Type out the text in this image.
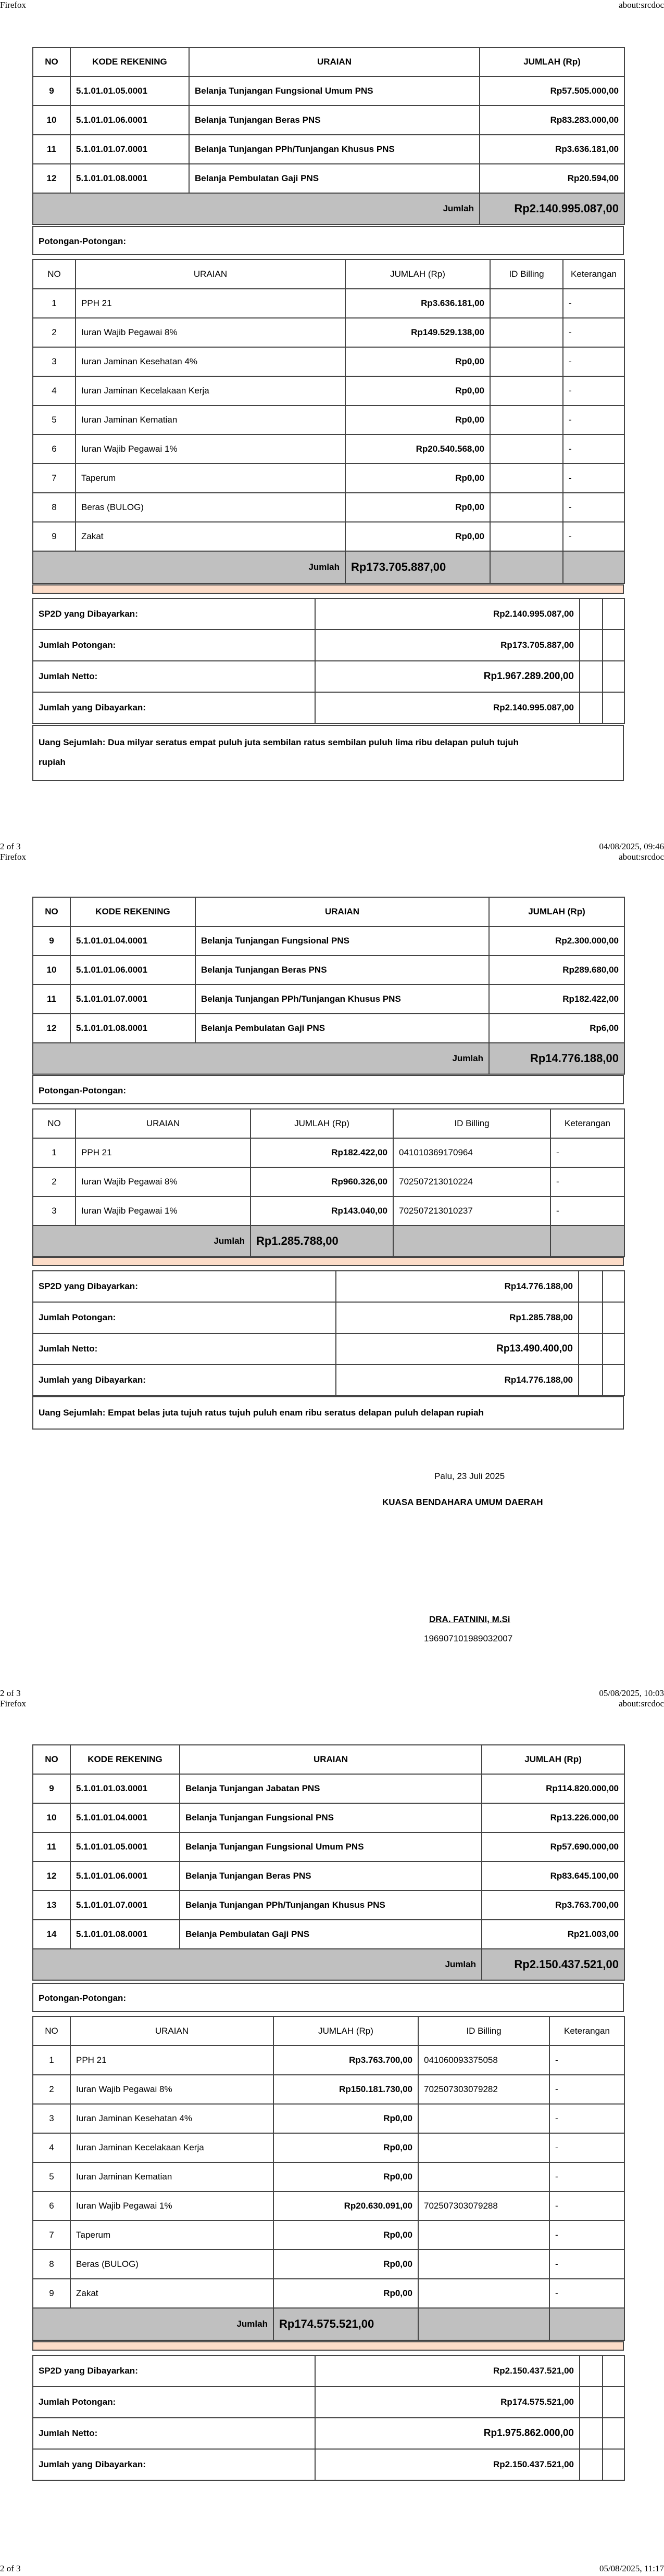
Firefox	about:srcdoc
NO	KODE REKENING	URAIAN	JUMLAH (Rp)
9	5.1.01.01.05.0001	Belanja Tunjangan Fungsional Umum PNS	Rp57.505.000,00
10	5.1.01.01.06.0001	Belanja Tunjangan Beras PNS	Rp83.283.000,00
11	5.1.01.01.07.0001	Belanja Tunjangan PPh/Tunjangan Khusus PNS	Rp3.636.181,00
12	5.1.01.01.08.0001	Belanja Pembulatan Gaji PNS	Rp20.594,00
Jumlah			Rp2.140.995.087,00
Potongan-Potongan:
NO	URAIAN	JUMLAH (Rp)	ID Billing	Keterangan
1	PPH 21	Rp3.636.181,00		-
2	Iuran Wajib Pegawai 8%	Rp149.529.138,00		-
3	Iuran Jaminan Kesehatan 4%	Rp0,00		-
4	Iuran Jaminan Kecelakaan Kerja	Rp0,00		-
5	Iuran Jaminan Kematian	Rp0,00		-
6	Iuran Wajib Pegawai 1%	Rp20.540.568,00		-
7	Taperum	Rp0,00		-
8	Beras (BULOG)	Rp0,00		-
9	Zakat	Rp0,00		-
Jumlah		Rp173.705.887,00		
SP2D yang Dibayarkan:	Rp2.140.995.087,00		
Jumlah Potongan:	Rp173.705.887,00		
Jumlah Netto:	Rp1.967.289.200,00		
Jumlah yang Dibayarkan:	Rp2.140.995.087,00		
Uang Sejumlah: Dua milyar seratus empat puluh juta sembilan ratus sembilan puluh lima ribu delapan puluh tujuh
rupiah
2 of 3	04/08/2025, 09:46
Firefox	about:srcdoc
NO	KODE REKENING	URAIAN	JUMLAH (Rp)
9	5.1.01.01.04.0001	Belanja Tunjangan Fungsional PNS	Rp2.300.000,00
10	5.1.01.01.06.0001	Belanja Tunjangan Beras PNS	Rp289.680,00
11	5.1.01.01.07.0001	Belanja Tunjangan PPh/Tunjangan Khusus PNS	Rp182.422,00
12	5.1.01.01.08.0001	Belanja Pembulatan Gaji PNS	Rp6,00
Jumlah			Rp14.776.188,00
Potongan-Potongan:
NO	URAIAN	JUMLAH (Rp)	ID Billing	Keterangan
1	PPH 21	Rp182.422,00	041010369170964	-
2	Iuran Wajib Pegawai 8%	Rp960.326,00	702507213010224	-
3	Iuran Wajib Pegawai 1%	Rp143.040,00	702507213010237	-
Jumlah		Rp1.285.788,00		
SP2D yang Dibayarkan:	Rp14.776.188,00		
Jumlah Potongan:	Rp1.285.788,00		
Jumlah Netto:	Rp13.490.400,00		
Jumlah yang Dibayarkan:	Rp14.776.188,00		
Uang Sejumlah: Empat belas juta tujuh ratus tujuh puluh enam ribu seratus delapan puluh delapan rupiah
Palu, 23 Juli 2025
KUASA BENDAHARA UMUM DAERAH
DRA. FATNINI, M.Si
196907101989032007
2 of 3	05/08/2025, 10:03
Firefox	about:srcdoc
NO	KODE REKENING	URAIAN	JUMLAH (Rp)
9	5.1.01.01.03.0001	Belanja Tunjangan Jabatan PNS	Rp114.820.000,00
10	5.1.01.01.04.0001	Belanja Tunjangan Fungsional PNS	Rp13.226.000,00
11	5.1.01.01.05.0001	Belanja Tunjangan Fungsional Umum PNS	Rp57.690.000,00
12	5.1.01.01.06.0001	Belanja Tunjangan Beras PNS	Rp83.645.100,00
13	5.1.01.01.07.0001	Belanja Tunjangan PPh/Tunjangan Khusus PNS	Rp3.763.700,00
14	5.1.01.01.08.0001	Belanja Pembulatan Gaji PNS	Rp21.003,00
Jumlah			Rp2.150.437.521,00
Potongan-Potongan:
NO	URAIAN	JUMLAH (Rp)	ID Billing	Keterangan
1	PPH 21	Rp3.763.700,00	041060093375058	-
2	Iuran Wajib Pegawai 8%	Rp150.181.730,00	702507303079282	-
3	Iuran Jaminan Kesehatan 4%	Rp0,00		-
4	Iuran Jaminan Kecelakaan Kerja	Rp0,00		-
5	Iuran Jaminan Kematian	Rp0,00		-
6	Iuran Wajib Pegawai 1%	Rp20.630.091,00	702507303079288	-
7	Taperum	Rp0,00		-
8	Beras (BULOG)	Rp0,00		-
9	Zakat	Rp0,00		-
Jumlah		Rp174.575.521,00		
SP2D yang Dibayarkan:	Rp2.150.437.521,00		
Jumlah Potongan:	Rp174.575.521,00		
Jumlah Netto:	Rp1.975.862.000,00		
Jumlah yang Dibayarkan:	Rp2.150.437.521,00		
2 of 3	05/08/2025, 11:17
